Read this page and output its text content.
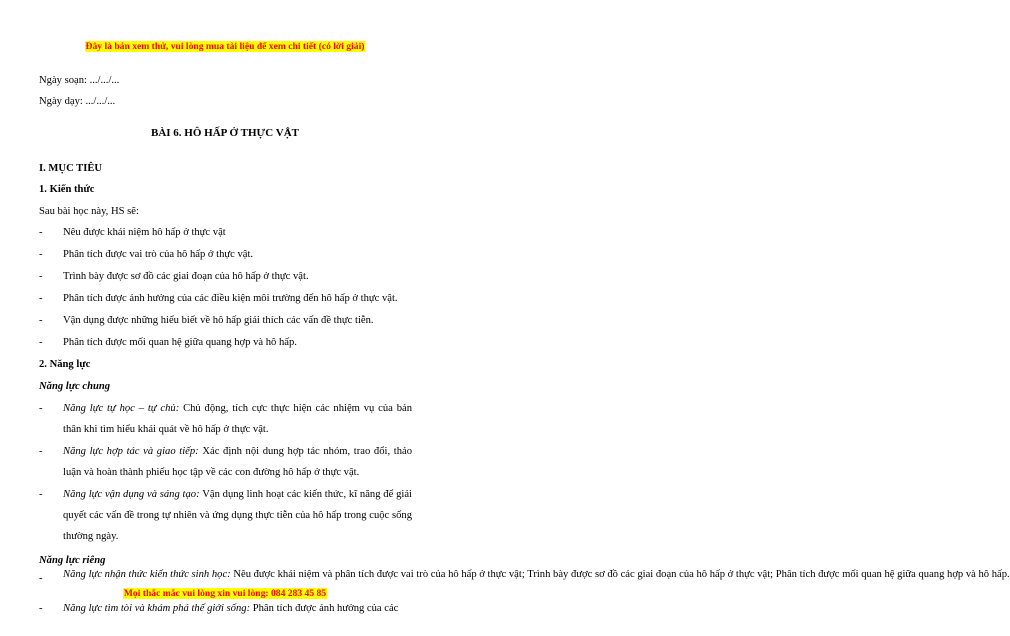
Đây là bản xem thử, vui lòng mua tài liệu để xem chi tiết (có lời giải)
Ngày soạn: .../.../...
Ngày dạy: .../.../...
BÀI 6. HÔ HẤP Ở THỰC VẬT
I. MỤC TIÊU
1. Kiến thức
Sau bài học này, HS sẽ:
- Nêu được khái niệm hô hấp ở thực vật
- Phân tích được vai trò của hô hấp ở thực vật.
- Trình bày được sơ đồ các giai đoạn của hô hấp ở thực vật.
- Phân tích được ảnh hưởng của các điều kiện môi trường đến hô hấp ở thực vật.
- Vận dụng được những hiểu biết về hô hấp giải thích các vấn đề thực tiễn.
- Phân tích được mối quan hệ giữa quang hợp và hô hấp.
2. Năng lực
Năng lực chung
- Năng lực tự học – tự chủ: Chủ động, tích cực thực hiện các nhiệm vụ của bản thân khi tìm hiểu khái quát về hô hấp ở thực vật.
- Năng lực hợp tác và giao tiếp: Xác định nội dung hợp tác nhóm, trao đổi, thảo luận và hoàn thành phiếu học tập về các con đường hô hấp ở thực vật.
- Năng lực vận dụng và sáng tạo: Vận dụng linh hoạt các kiến thức, kĩ năng để giải quyết các vấn đề trong tự nhiên và ứng dụng thực tiễn của hô hấp trong cuộc sống thường ngày.
Năng lực riêng
Mọi thắc mắc vui lòng xin vui lòng: 084 283 45 85
- Năng lực nhận thức kiến thức sinh học: Nêu được khái niệm và phân tích được vai trò của hô hấp ở thực vật; Trình bày được sơ đồ các giai đoạn của hô hấp ở thực vật; Phân tích được mối quan hệ giữa quang hợp và hô hấp.
- Năng lực tìm tòi và khám phá thế giới sống: Phân tích được ảnh hưởng của các
